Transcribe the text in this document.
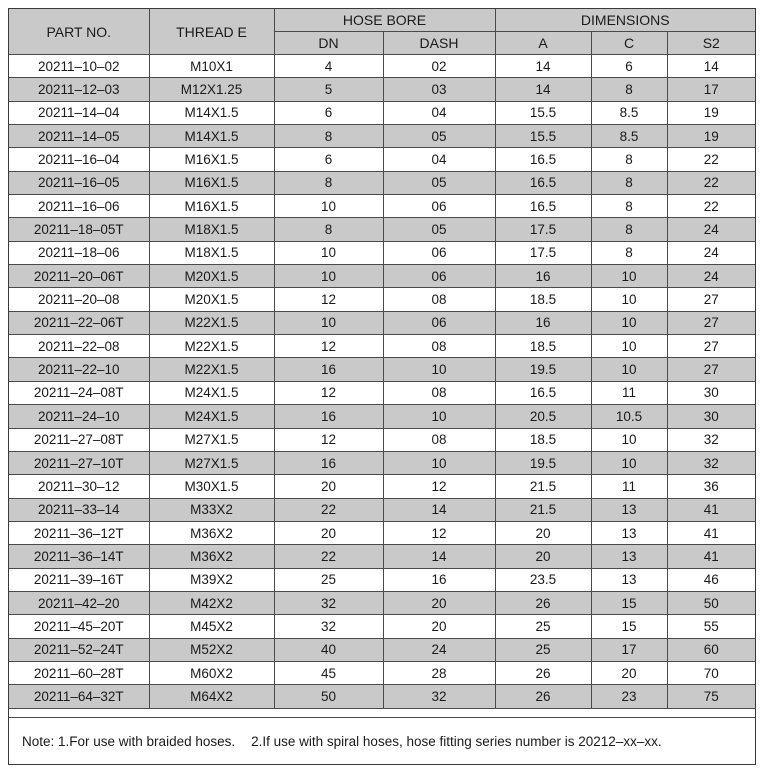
PART NO.	THREAD E	HOSE BORE		DIMENSIONS		
		DN	DASH	A	C	S2
20211–10–02	M10X1	4	02	14	6	14
20211–12–03	M12X1.25	5	03	14	8	17
20211–14–04	M14X1.5	6	04	15.5	8.5	19
20211–14–05	M14X1.5	8	05	15.5	8.5	19
20211–16–04	M16X1.5	6	04	16.5	8	22
20211–16–05	M16X1.5	8	05	16.5	8	22
20211–16–06	M16X1.5	10	06	16.5	8	22
20211–18–05T	M18X1.5	8	05	17.5	8	24
20211–18–06	M18X1.5	10	06	17.5	8	24
20211–20–06T	M20X1.5	10	06	16	10	24
20211–20–08	M20X1.5	12	08	18.5	10	27
20211–22–06T	M22X1.5	10	06	16	10	27
20211–22–08	M22X1.5	12	08	18.5	10	27
20211–22–10	M22X1.5	16	10	19.5	10	27
20211–24–08T	M24X1.5	12	08	16.5	11	30
20211–24–10	M24X1.5	16	10	20.5	10.5	30
20211–27–08T	M27X1.5	12	08	18.5	10	32
20211–27–10T	M27X1.5	16	10	19.5	10	32
20211–30–12	M30X1.5	20	12	21.5	11	36
20211–33–14	M33X2	22	14	21.5	13	41
20211–36–12T	M36X2	20	12	20	13	41
20211–36–14T	M36X2	22	14	20	13	41
20211–39–16T	M39X2	25	16	23.5	13	46
20211–42–20	M42X2	32	20	26	15	50
20211–45–20T	M45X2	32	20	25	15	55
20211–52–24T	M52X2	40	24	25	17	60
20211–60–28T	M60X2	45	28	26	20	70
20211–64–32T	M64X2	50	32	26	23	75
Note: 1.For use with braided hoses. 2.If use with spiral hoses, hose fitting series number is 20212–xx–xx.
